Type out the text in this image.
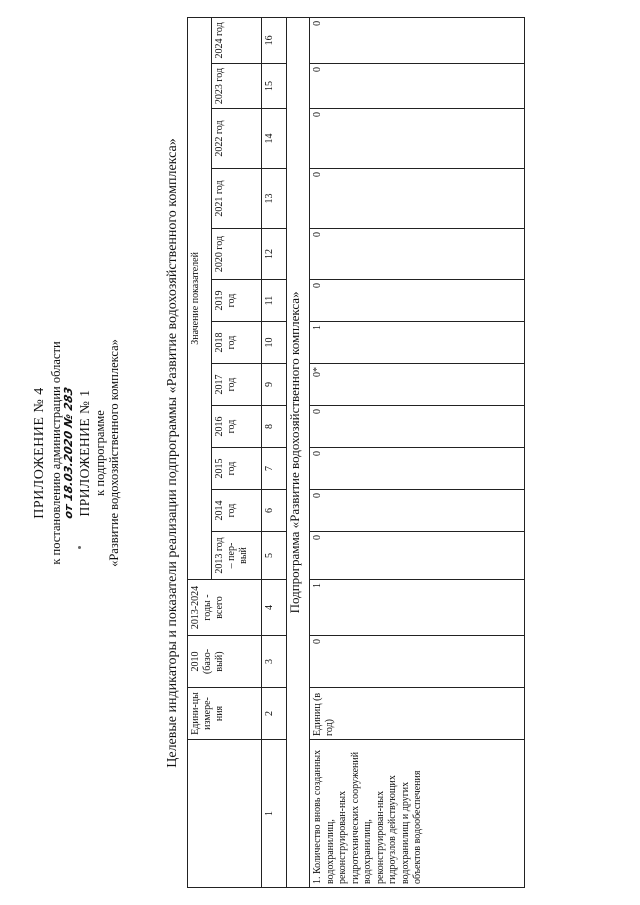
ПРИЛОЖЕНИЕ № 4 к постановлению администрации области от 18.03.2020 № 283 ПРИЛОЖЕНИЕ № 1 к подпрограмме «Развитие водохозяйственного комплекса»	Целевые индикаторы и показатели реализации подпрограммы «Развитие водохозяйственного комплекса»
	Едини-цы измере-ния	2010 (базо-вый)	2013-2024 годы - всего	Значение показателей											
				2013 год – пер-вый	2014 год	2015 год	2016 год	2017 год	2018 год	2019 год	2020 год	2021 год	2022 год	2023 год	2024 год
1	2	3	4	5	6	7	8	9	10	11	12	13	14	15	16
Подпрограмма «Развитие водохозяйственного комплекса»															
1. Количество вновь созданных водохранилищ, реконструирован-ных гидротехнических сооружений водохранилищ, реконструирован-ных гидроузлов действующих водохранилищ и других объектов водообеспечения	Единиц (в год)	0	1	0	0	0	0	0*	1	0	0	0	0	0	0
